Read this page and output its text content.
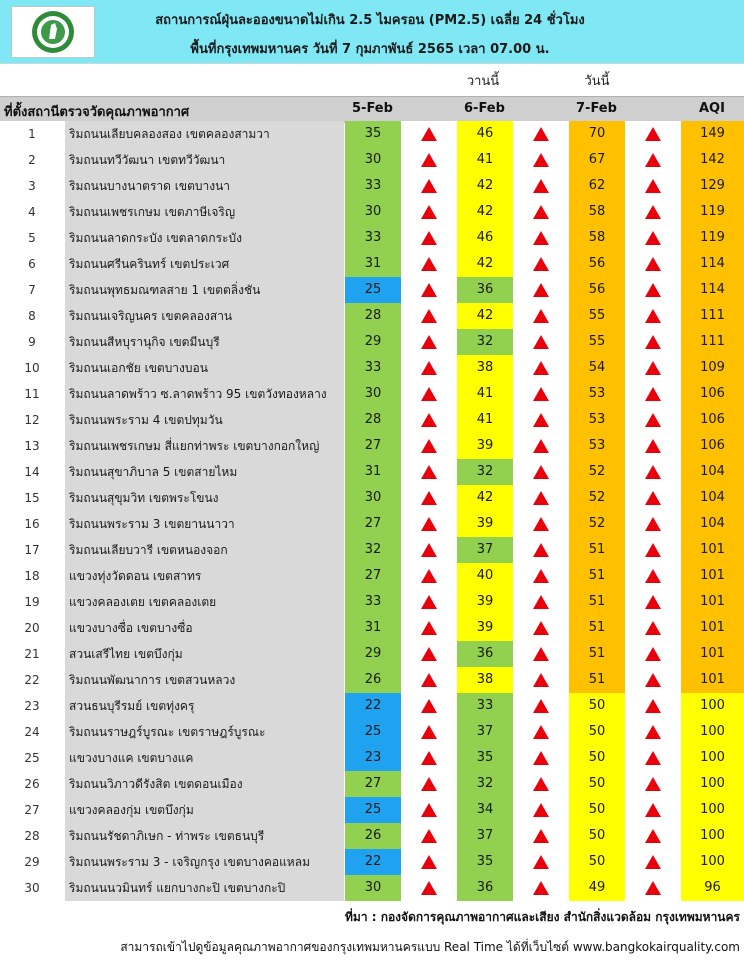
สถานการณ์ฝุ่นละอองขนาดไม่เกิน 2.5 ไมครอน (PM2.5) เฉลี่ย 24 ชั่วโมง
พื้นที่กรุงเทพมหานคร วันที่ 7 กุมภาพันธ์ 2565 เวลา 07.00 น.
วานนี้	วันนี้
ที่ตั้งสถานีตรวจวัดคุณภาพอากาศ	5-Feb	6-Feb	7-Feb	AQI
1	ริมถนนเลียบคลองสอง เขตคลองสามวา	35	46	70	149
2	ริมถนนทวีวัฒนา เขตทวีวัฒนา	30	41	67	142
3	ริมถนนบางนาตราด เขตบางนา	33	42	62	129
4	ริมถนนเพชรเกษม เขตภาษีเจริญ	30	42	58	119
5	ริมถนนลาดกระบัง เขตลาดกระบัง	33	46	58	119
6	ริมถนนศรีนครินทร์ เขตประเวศ	31	42	56	114
7	ริมถนนพุทธมณฑลสาย 1 เขตตลิ่งชัน	25	36	56	114
8	ริมถนนเจริญนคร เขตคลองสาน	28	42	55	111
9	ริมถนนสีหบุรานุกิจ เขตมีนบุรี	29	32	55	111
10	ริมถนนเอกชัย เขตบางบอน	33	38	54	109
11	ริมถนนลาดพร้าว ซ.ลาดพร้าว 95 เขตวังทองหลาง	30	41	53	106
12	ริมถนนพระราม 4 เขตปทุมวัน	28	41	53	106
13	ริมถนนเพชรเกษม สี่แยกท่าพระ เขตบางกอกใหญ่	27	39	53	106
14	ริมถนนสุขาภิบาล 5 เขตสายไหม	31	32	52	104
15	ริมถนนสุขุมวิท เขตพระโขนง	30	42	52	104
16	ริมถนนพระราม 3 เขตยานนาวา	27	39	52	104
17	ริมถนนเลียบวารี เขตหนองจอก	32	37	51	101
18	แขวงทุ่งวัดดอน เขตสาทร	27	40	51	101
19	แขวงคลองเตย เขตคลองเตย	33	39	51	101
20	แขวงบางซื่อ เขตบางซื่อ	31	39	51	101
21	สวนเสรีไทย เขตบึงกุ่ม	29	36	51	101
22	ริมถนนพัฒนาการ เขตสวนหลวง	26	38	51	101
23	สวนธนบุรีรมย์ เขตทุ่งครุ	22	33	50	100
24	ริมถนนราษฎร์บูรณะ เขตราษฎร์บูรณะ	25	37	50	100
25	แขวงบางแค เขตบางแค	23	35	50	100
26	ริมถนนวิภาวดีรังสิต เขตดอนเมือง	27	32	50	100
27	แขวงคลองกุ่ม เขตบึงกุ่ม	25	34	50	100
28	ริมถนนรัชดาภิเษก - ท่าพระ เขตธนบุรี	26	37	50	100
29	ริมถนนพระราม 3 - เจริญกรุง เขตบางคอแหลม	22	35	50	100
30	ริมถนนนวมินทร์ แยกบางกะปิ เขตบางกะปิ	30	36	49	96
ที่มา : กองจัดการคุณภาพอากาศและเสียง สำนักสิ่งแวดล้อม กรุงเทพมหานคร
สามารถเข้าไปดูข้อมูลคุณภาพอากาศของกรุงเทพมหานครแบบ Real Time ได้ที่เว็บไซต์ www.bangkokairquality.com
